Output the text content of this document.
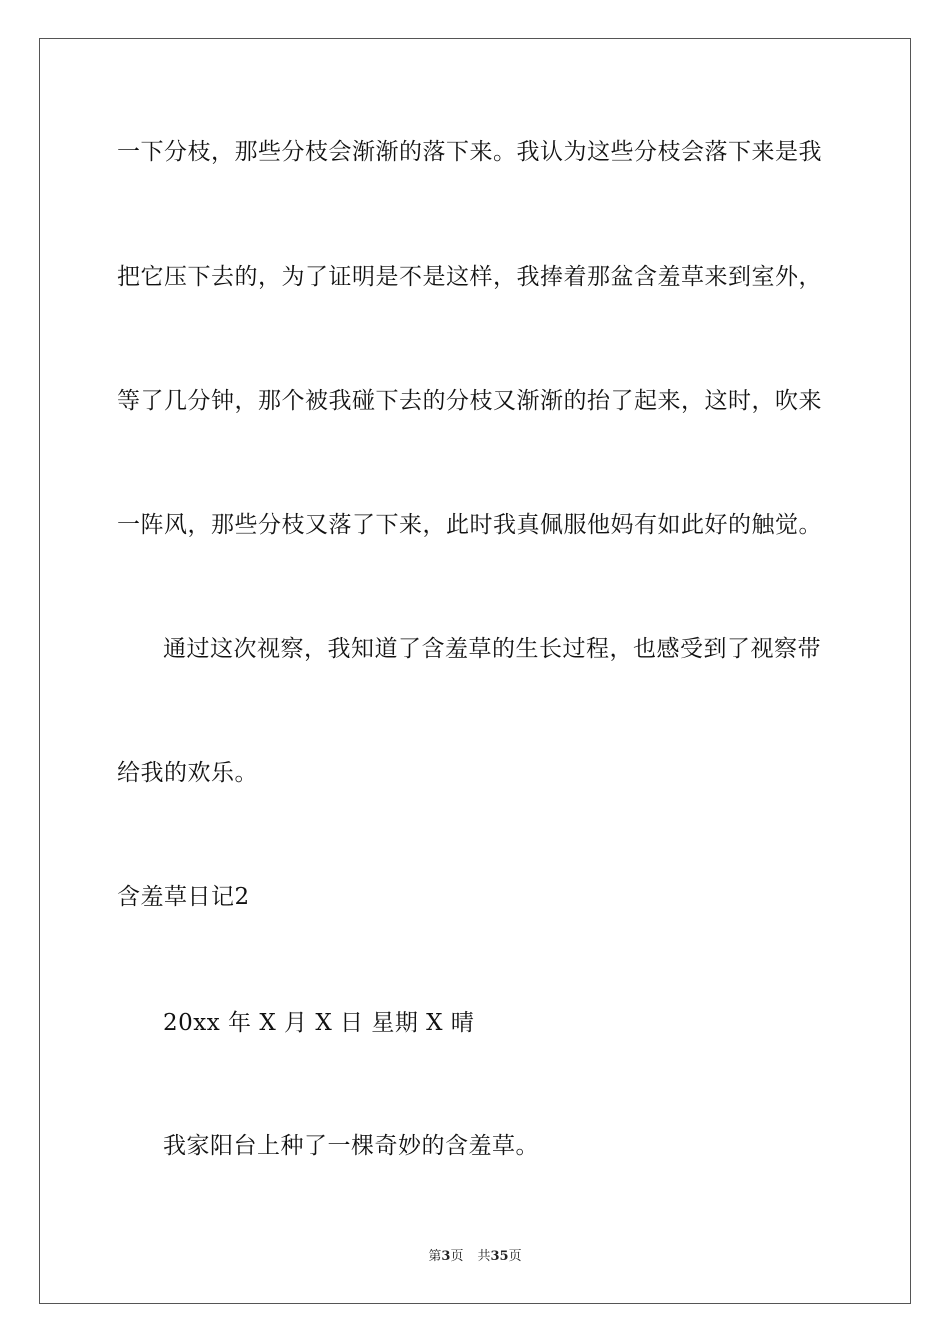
一下分枝，那些分枝会渐渐的落下来。我认为这些分枝会落下来是我
把它压下去的，为了证明是不是这样，我捧着那盆含羞草来到室外，
等了几分钟，那个被我碰下去的分枝又渐渐的抬了起来，这时，吹来
一阵风，那些分枝又落了下来，此时我真佩服他妈有如此好的触觉。
通过这次视察，我知道了含羞草的生长过程，也感受到了视察带
给我的欢乐。
含羞草日记2
20xx 年 X 月 X 日 星期 X 晴
我家阳台上种了一棵奇妙的含羞草。
第3页 共35页
